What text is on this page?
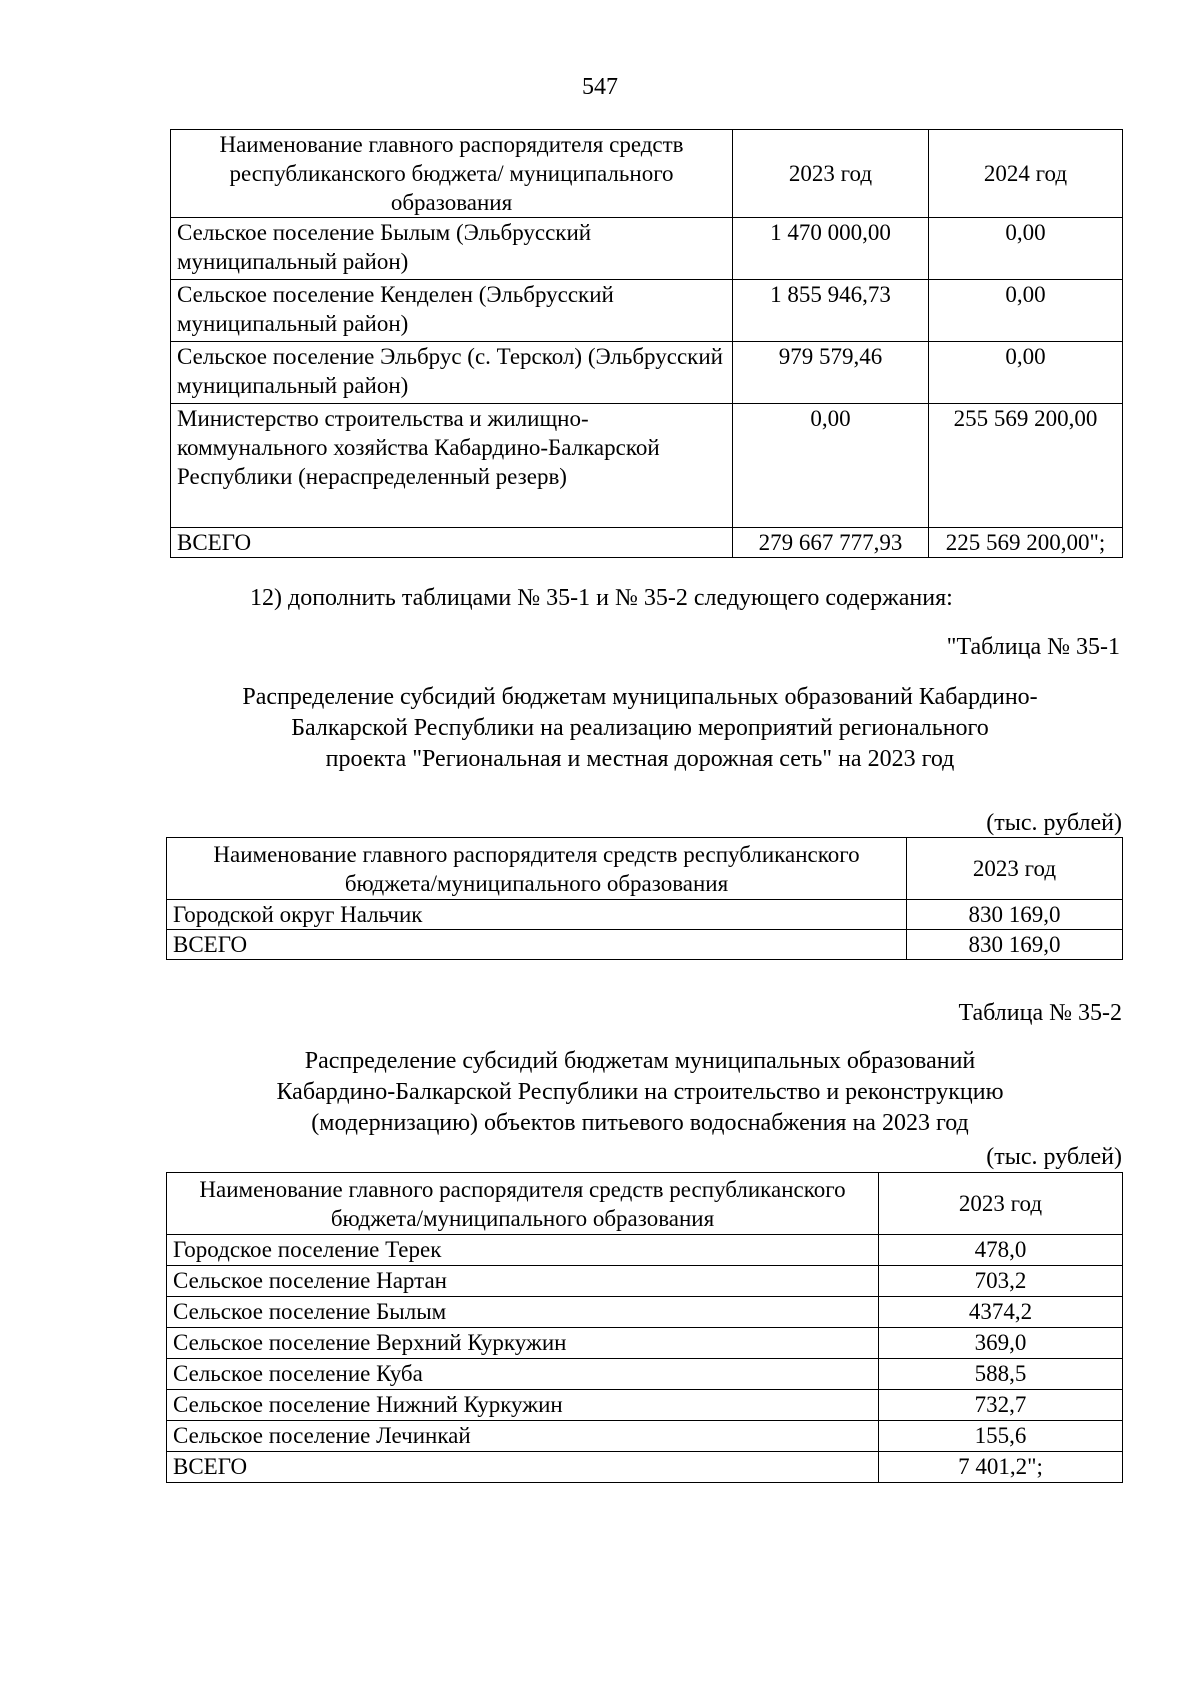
547
Наименование главного распорядителя средств республиканского бюджета/ муниципального образования	2023 год	2024 год
Сельское поселение Былым (Эльбрусский муниципальный район)	1 470 000,00	0,00
Сельское поселение Кенделен (Эльбрусский муниципальный район)	1 855 946,73	0,00
Сельское поселение Эльбрус (с. Терскол) (Эльбрусский муниципальный район)	979 579,46	0,00
Министерство строительства и жилищно-коммунального хозяйства Кабардино-Балкарской Республики (нераспределенный резерв)	0,00	255 569 200,00
ВСЕГО	279 667 777,93	225 569 200,00";
12) дополнить таблицами № 35-1 и № 35-2 следующего содержания:
"Таблица № 35-1
Распределение субсидий бюджетам муниципальных образований Кабардино-
Балкарской Республики на реализацию мероприятий регионального
проекта "Региональная и местная дорожная сеть" на 2023 год
(тыс. рублей)
Наименование главного распорядителя средств республиканского бюджета/муниципального образования	2023 год
Городской округ Нальчик	830 169,0
ВСЕГО	830 169,0
Таблица № 35-2
Распределение субсидий бюджетам муниципальных образований
Кабардино-Балкарской Республики на строительство и реконструкцию
(модернизацию) объектов питьевого водоснабжения на 2023 год
(тыс. рублей)
Наименование главного распорядителя средств республиканского бюджета/муниципального образования	2023 год
Городское поселение Терек	478,0
Сельское поселение Нартан	703,2
Сельское поселение Былым	4374,2
Сельское поселение Верхний Куркужин	369,0
Сельское поселение Куба	588,5
Сельское поселение Нижний Куркужин	732,7
Сельское поселение Лечинкай	155,6
ВСЕГО	7 401,2";
